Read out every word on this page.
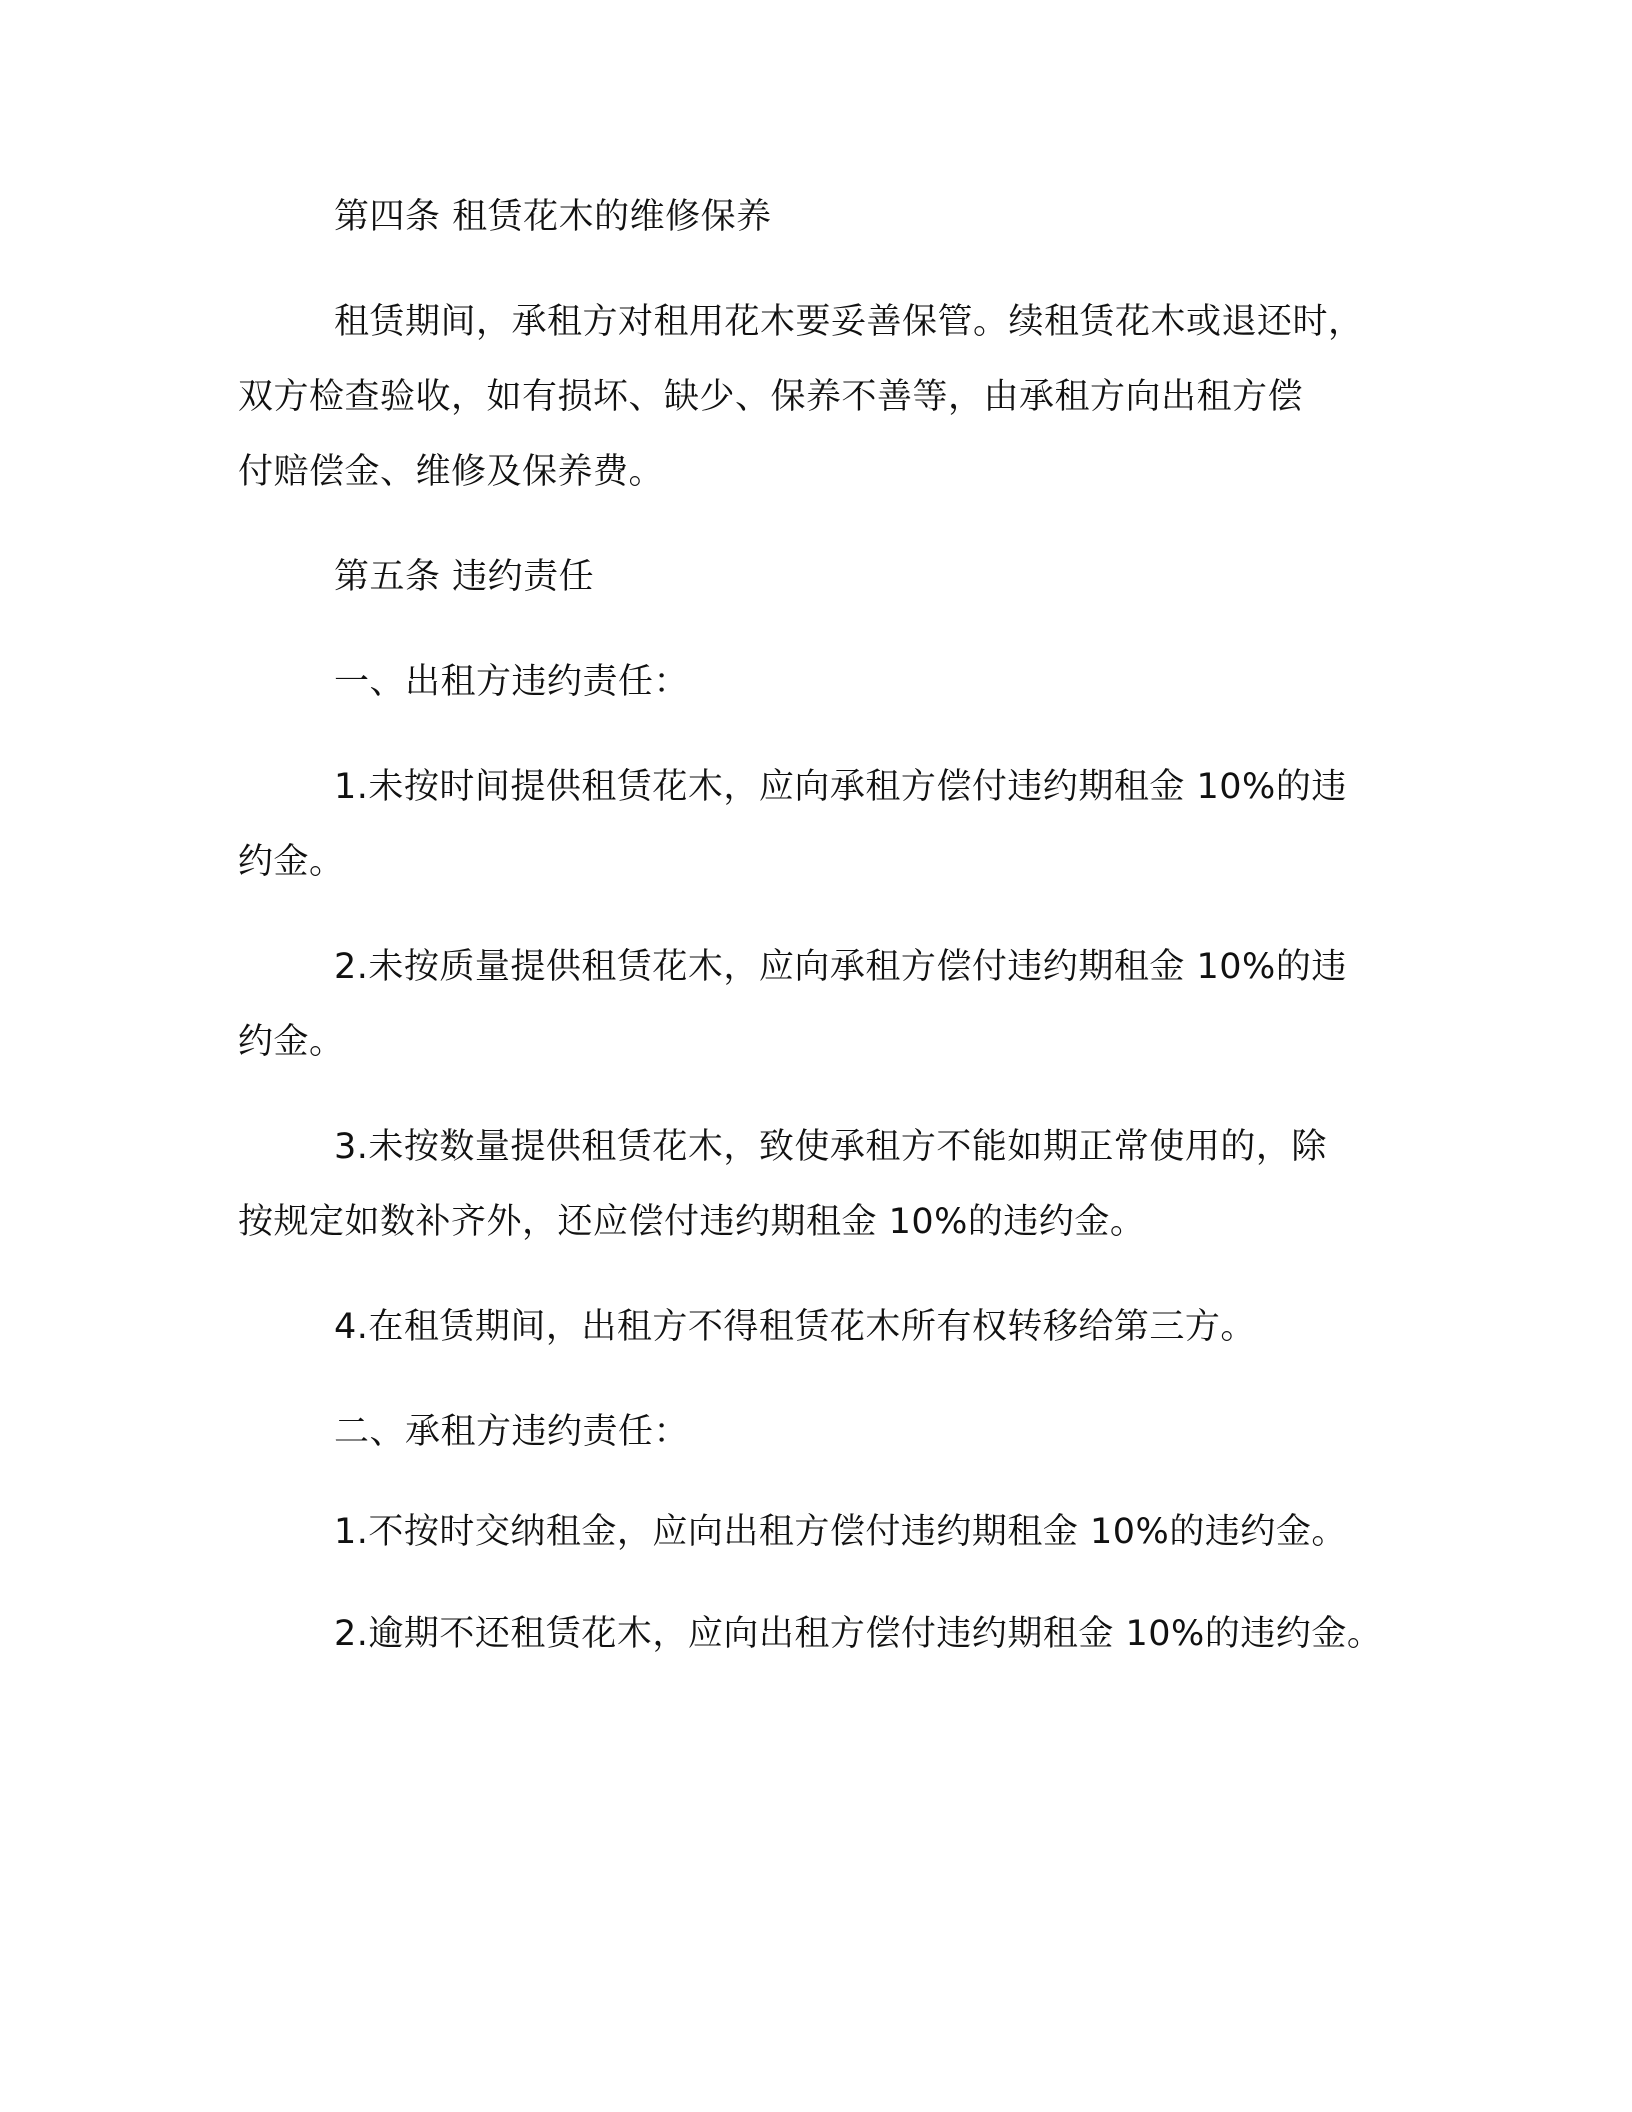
第四条 租赁花木的维修保养

租赁期间，承租方对租用花木要妥善保管。续租赁花木或退还时，
双方检查验收，如有损坏、缺少、保养不善等，由承租方向出租方偿
付赔偿金、维修及保养费。

第五条 违约责任

一、出租方违约责任：

1.未按时间提供租赁花木，应向承租方偿付违约期租金 10%的违
约金。

2.未按质量提供租赁花木，应向承租方偿付违约期租金 10%的违
约金。

3.未按数量提供租赁花木，致使承租方不能如期正常使用的，除
按规定如数补齐外，还应偿付违约期租金 10%的违约金。

4.在租赁期间，出租方不得租赁花木所有权转移给第三方。

二、承租方违约责任：

1.不按时交纳租金，应向出租方偿付违约期租金 10%的违约金。

2.逾期不还租赁花木，应向出租方偿付违约期租金 10%的违约金。
